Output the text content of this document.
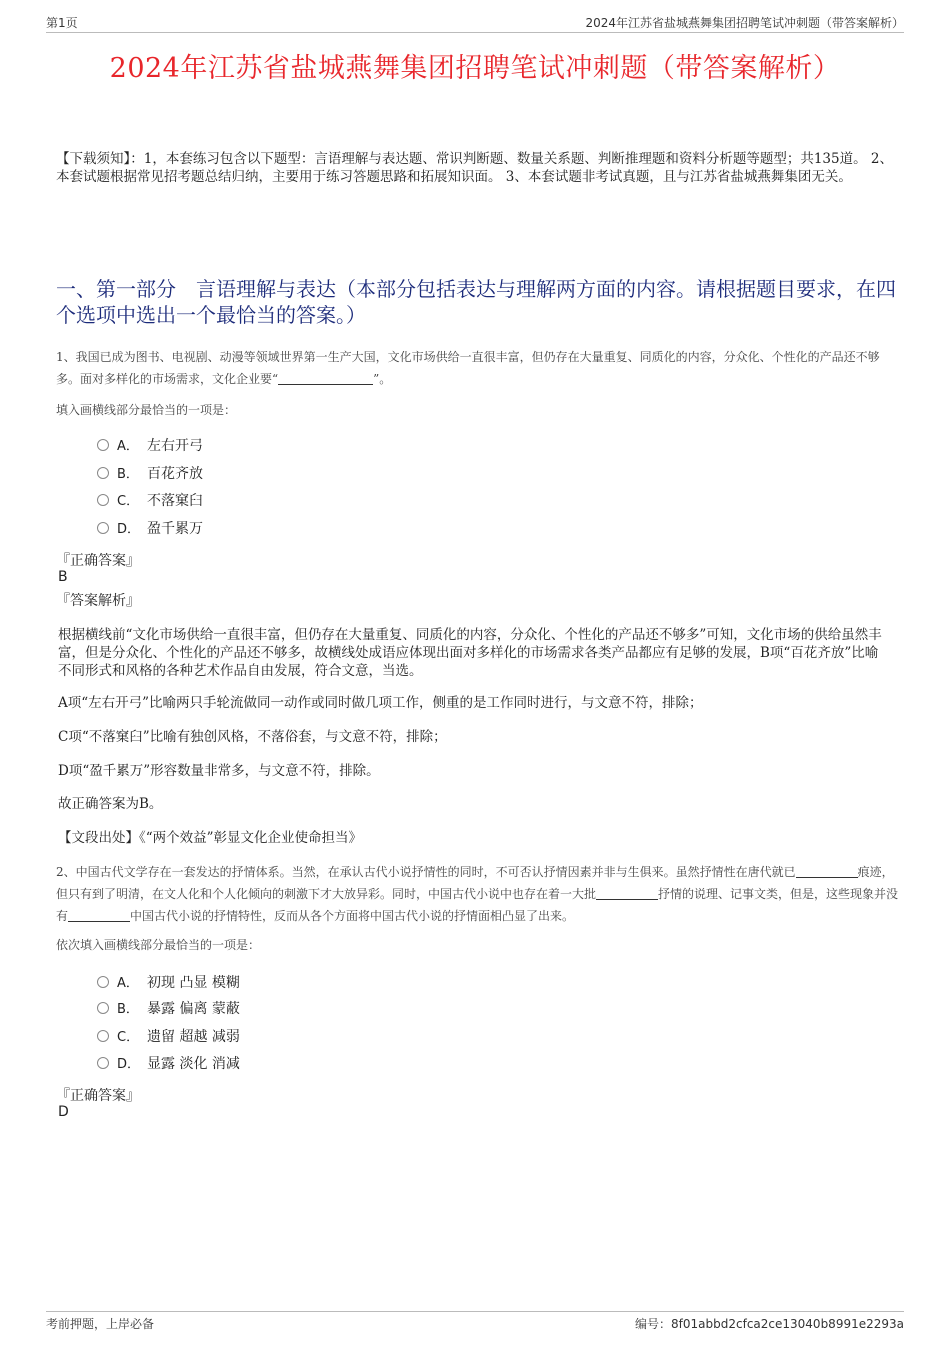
第1页	2024年江苏省盐城燕舞集团招聘笔试冲刺题（带答案解析）
2024年江苏省盐城燕舞集团招聘笔试冲刺题（带答案解析）
【下载须知】：1，本套练习包含以下题型：言语理解与表达题、常识判断题、数量关系题、判断推理题和资料分析题等题型；共135道。 2、本套试题根据常见招考题总结归纳，主要用于练习答题思路和拓展知识面。 3、本套试题非考试真题，且与江苏省盐城燕舞集团无关。
一、第一部分　言语理解与表达（本部分包括表达与理解两方面的内容。请根据题目要求，在四个选项中选出一个最恰当的答案。）
1、我国已成为图书、电视剧、动漫等领域世界第一生产大国，文化市场供给一直很丰富，但仍存在大量重复、同质化的内容，分众化、个性化的产品还不够多。面对多样化的市场需求，文化企业要“	”。
填入画横线部分最恰当的一项是：
A． 左右开弓
B． 百花齐放
C． 不落窠臼
D． 盈千累万
『正确答案』
B
『答案解析』
根据横线前“文化市场供给一直很丰富，但仍存在大量重复、同质化的内容，分众化、个性化的产品还不够多”可知，文化市场的供给虽然丰富，但是分众化、个性化的产品还不够多，故横线处成语应体现出面对多样化的市场需求各类产品都应有足够的发展，B项“百花齐放”比喻不同形式和风格的各种艺术作品自由发展，符合文意，当选。
A项“左右开弓”比喻两只手轮流做同一动作或同时做几项工作，侧重的是工作同时进行，与文意不符，排除；
C项“不落窠臼”比喻有独创风格，不落俗套，与文意不符，排除；
D项“盈千累万”形容数量非常多，与文意不符，排除。
故正确答案为B。
【文段出处】《“两个效益”彰显文化企业使命担当》
2、中国古代文学存在一套发达的抒情体系。当然，在承认古代小说抒情性的同时，不可否认抒情因素并非与生俱来。虽然抒情性在唐代就已	痕迹，但只有到了明清，在文人化和个人化倾向的刺激下才大放异彩。同时，中国古代小说中也存在着一大批	抒情的说理、记事文类，但是，这些现象并没有	中国古代小说的抒情特性，反而从各个方面将中国古代小说的抒情面相凸显了出来。
依次填入画横线部分最恰当的一项是：
A． 初现 凸显 模糊
B． 暴露 偏离 蒙蔽
C． 遗留 超越 减弱
D． 显露 淡化 消减
『正确答案』
D
考前押题，上岸必备	编号：8f01abbd2cfca2ce13040b8991e2293a
